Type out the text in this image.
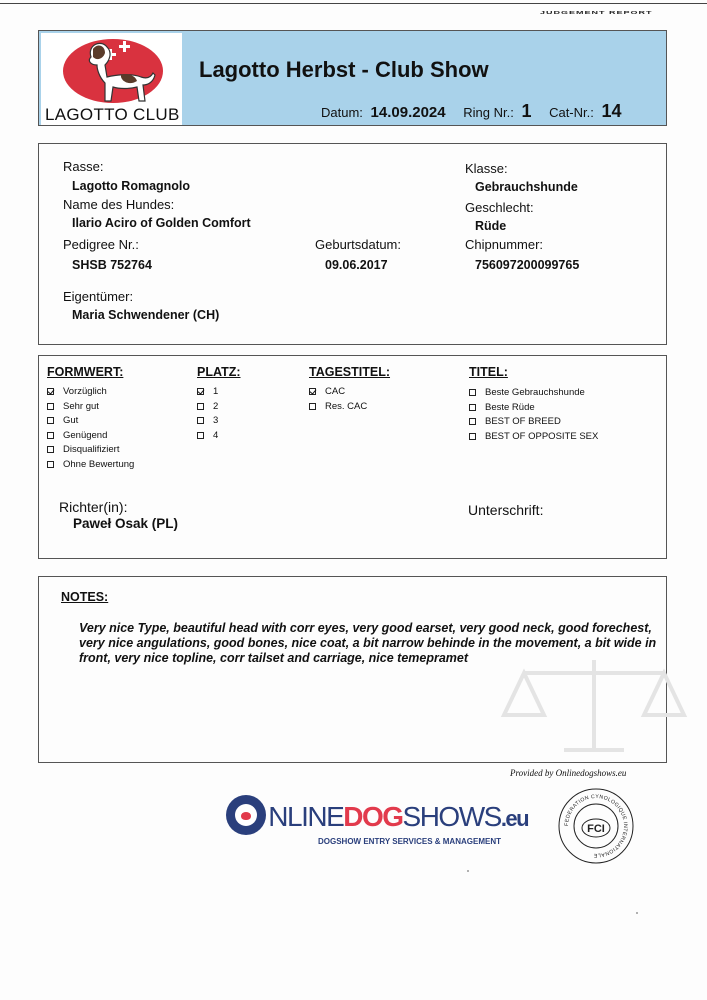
JUDGEMENT REPORT
LAGOTTO CLUB
Lagotto Herbst - Club Show
Datum: 14.09.2024 Ring Nr.: 1 Cat-Nr.: 14
Rasse:
Lagotto Romagnolo
Name des Hundes:
Ilario Aciro of Golden Comfort
Pedigree Nr.:
SHSB 752764
Geburtsdatum:
09.06.2017
Eigentümer:
Maria Schwendener (CH)
Klasse:
Gebrauchshunde
Geschlecht:
Rüde
Chipnummer:
756097200099765
FORMWERT:
Vorzüglich
Sehr gut
Gut
Genügend
Disqualifiziert
Ohne Bewertung
PLATZ:
1
2
3
4
TAGESTITEL:
CAC
Res. CAC
TITEL:
Beste Gebrauchshunde
Beste Rüde
BEST OF BREED
BEST OF OPPOSITE SEX
Richter(in):
Paweł Osak (PL)
Unterschrift:
NOTES:
Very nice Type, beautiful head with corr eyes, very good earset, very good neck, good forechest, very nice angulations, good bones, nice coat, a bit narrow behinde in the movement, a bit wide in front, very nice topline, corr tailset and carriage, nice temepramet
Provided by Onlinedogshows.eu
NLINEDOGSHOWS.eu
DOGSHOW ENTRY SERVICES & MANAGEMENT
FEDERATION CYNOLOGIQUE INTERNATIONALE
FCI
